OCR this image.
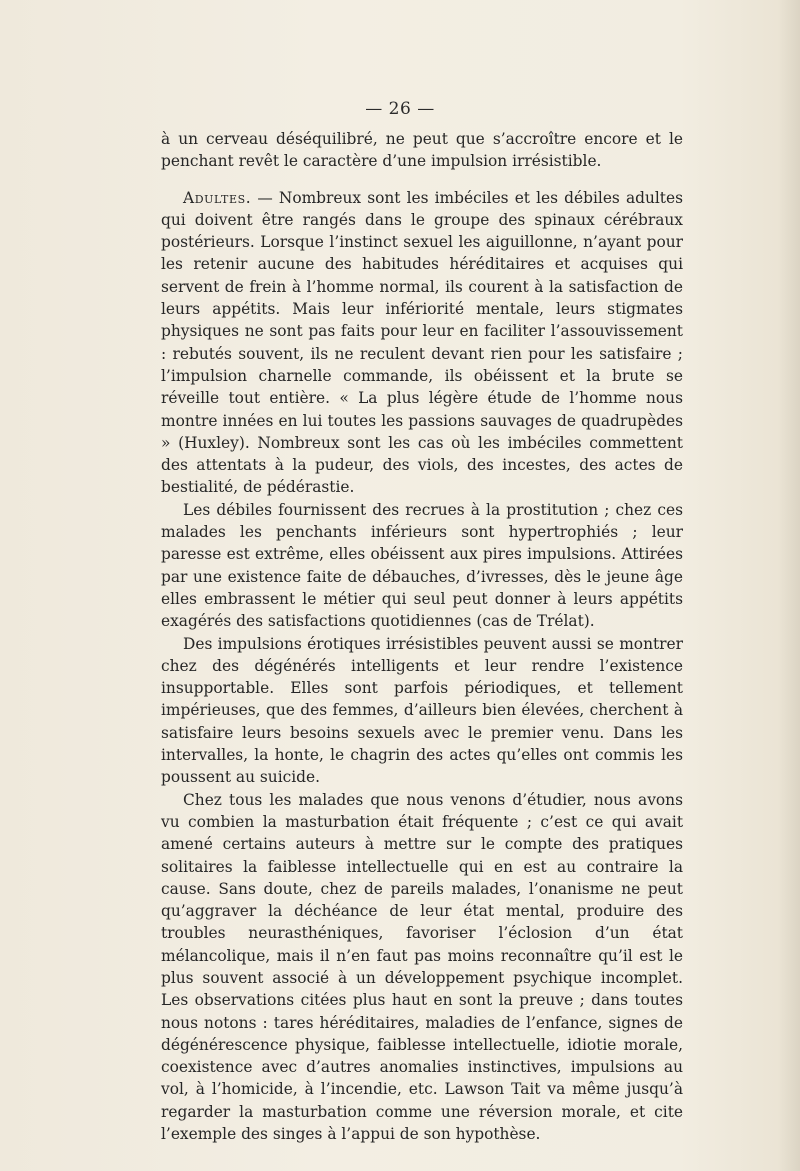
— 26 —

à un cerveau déséquilibré, ne peut que s’accroître encore et le penchant revêt le caractère d’une impulsion irrésistible.

Adultes. — Nombreux sont les imbéciles et les débiles adultes qui doivent être rangés dans le groupe des spinaux cérébraux postérieurs. Lorsque l’instinct sexuel les aiguillonne, n’ayant pour les retenir aucune des habitudes héréditaires et acquises qui servent de frein à l’homme normal, ils courent à la satisfaction de leurs appétits. Mais leur infériorité mentale, leurs stigmates physiques ne sont pas faits pour leur en faciliter l’assouvissement : rebutés souvent, ils ne reculent devant rien pour les satisfaire ; l’impulsion charnelle commande, ils obéissent et la brute se réveille tout entière. « La plus légère étude de l’homme nous montre innées en lui toutes les passions sauvages de quadrupèdes » (Huxley). Nombreux sont les cas où les imbéciles commettent des attentats à la pudeur, des viols, des incestes, des actes de bestialité, de pédérastie.

Les débiles fournissent des recrues à la prostitution ; chez ces malades les penchants inférieurs sont hypertrophiés ; leur paresse est extrême, elles obéissent aux pires impulsions. Attirées par une existence faite de débauches, d’ivresses, dès le jeune âge elles embrassent le métier qui seul peut donner à leurs appétits exagérés des satisfactions quotidiennes (cas de Trélat).

Des impulsions érotiques irrésistibles peuvent aussi se montrer chez des dégénérés intelligents et leur rendre l’existence insupportable. Elles sont parfois périodiques, et tellement impérieuses, que des femmes, d’ailleurs bien élevées, cherchent à satisfaire leurs besoins sexuels avec le premier venu. Dans les intervalles, la honte, le chagrin des actes qu’elles ont commis les poussent au suicide.

Chez tous les malades que nous venons d’étudier, nous avons vu combien la masturbation était fréquente ; c’est ce qui avait amené certains auteurs à mettre sur le compte des pratiques solitaires la faiblesse intellectuelle qui en est au contraire la cause. Sans doute, chez de pareils malades, l’onanisme ne peut qu’aggraver la déchéance de leur état mental, produire des troubles neurasthéniques, favoriser l’éclosion d’un état mélancolique, mais il n’en faut pas moins reconnaître qu’il est le plus souvent associé à un développement psychique incomplet. Les observations citées plus haut en sont la preuve ; dans toutes nous notons : tares héréditaires, maladies de l’enfance, signes de dégénérescence physique, faiblesse intellectuelle, idiotie morale, coexistence avec d’autres anomalies instinctives, impulsions au vol, à l’homicide, à l’incendie, etc. Lawson Tait va même jusqu’à regarder la masturbation comme une réversion morale, et cite l’exemple des singes à l’appui de son hypothèse.
